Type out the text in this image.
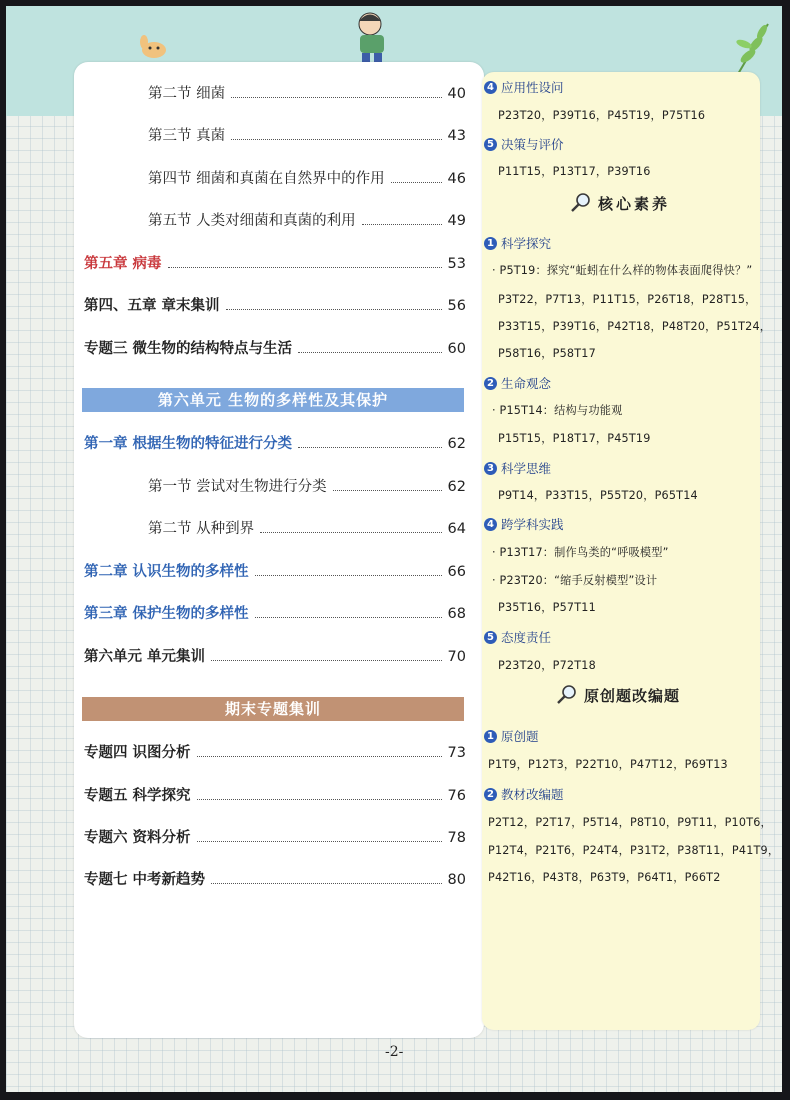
第二节 细菌	40
第三节 真菌	43
第四节 细菌和真菌在自然界中的作用	46
第五节 人类对细菌和真菌的利用	49
第五章 病毒	53
第四、五章 章末集训	56
专题三 微生物的结构特点与生活	60
第六单元 生物的多样性及其保护
第一章 根据生物的特征进行分类	62
第一节 尝试对生物进行分类	62
第二节 从种到界	64
第二章 认识生物的多样性	66
第三章 保护生物的多样性	68
第六单元 单元集训	70
期末专题集训
专题四 识图分析	73
专题五 科学探究	76
专题六 资料分析	78
专题七 中考新趋势	80
4 应用性设问
P23T20，P39T16，P45T19，P75T16
5 决策与评价
P11T15，P13T17，P39T16
核心素养
1 科学探究
· P5T19：探究“蚯蚓在什么样的物体表面爬得快？”
P3T22，P7T13，P11T15，P26T18，P28T15，
P33T15，P39T16，P42T18，P48T20，P51T24，
P58T16，P58T17
2 生命观念
· P15T14：结构与功能观
P15T15，P18T17，P45T19
3 科学思维
P9T14，P33T15，P55T20，P65T14
4 跨学科实践
· P13T17：制作鸟类的“呼吸模型”
· P23T20：“缩手反射模型”设计
P35T16，P57T11
5 态度责任
P23T20，P72T18
原创题改编题
1 原创题
P1T9，P12T3，P22T10，P47T12，P69T13
2 教材改编题
P2T12，P2T17，P5T14，P8T10，P9T11，P10T6，
P12T4，P21T6，P24T4，P31T2，P38T11，P41T9，
P42T16，P43T8，P63T9，P64T1，P66T2
-2-
